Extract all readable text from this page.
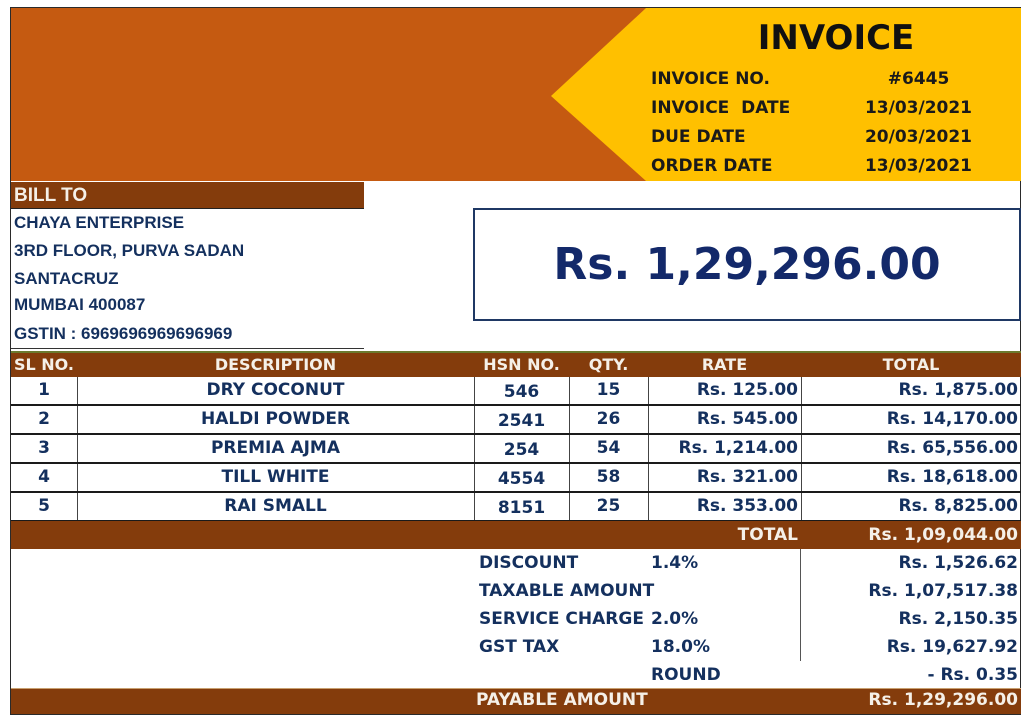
INVOICE
INVOICE NO.	#6445
INVOICE  DATE	13/03/2021
DUE DATE	20/03/2021
ORDER DATE	13/03/2021
BILL TO
CHAYA ENTERPRISE
3RD FLOOR, PURVA SADAN
SANTACRUZ
MUMBAI 400087
GSTIN : 6969696969696969
Rs. 1,29,296.00
SL NO.	DESCRIPTION	HSN NO.	QTY.	RATE	TOTAL
1	DRY COCONUT	546	15	Rs. 125.00	Rs. 1,875.00
2	HALDI POWDER	2541	26	Rs. 545.00	Rs. 14,170.00
3	PREMIA AJMA	254	54	Rs. 1,214.00	Rs. 65,556.00
4	TILL WHITE	4554	58	Rs. 321.00	Rs. 18,618.00
5	RAI SMALL	8151	25	Rs. 353.00	Rs. 8,825.00
TOTAL	Rs. 1,09,044.00
DISCOUNT	1.4%	Rs. 1,526.62
TAXABLE AMOUNT	Rs. 1,07,517.38
SERVICE CHARGE 2.0%	Rs. 2,150.35
GST TAX	18.0%	Rs. 19,627.92
ROUND	- Rs. 0.35
PAYABLE AMOUNT	Rs. 1,29,296.00
